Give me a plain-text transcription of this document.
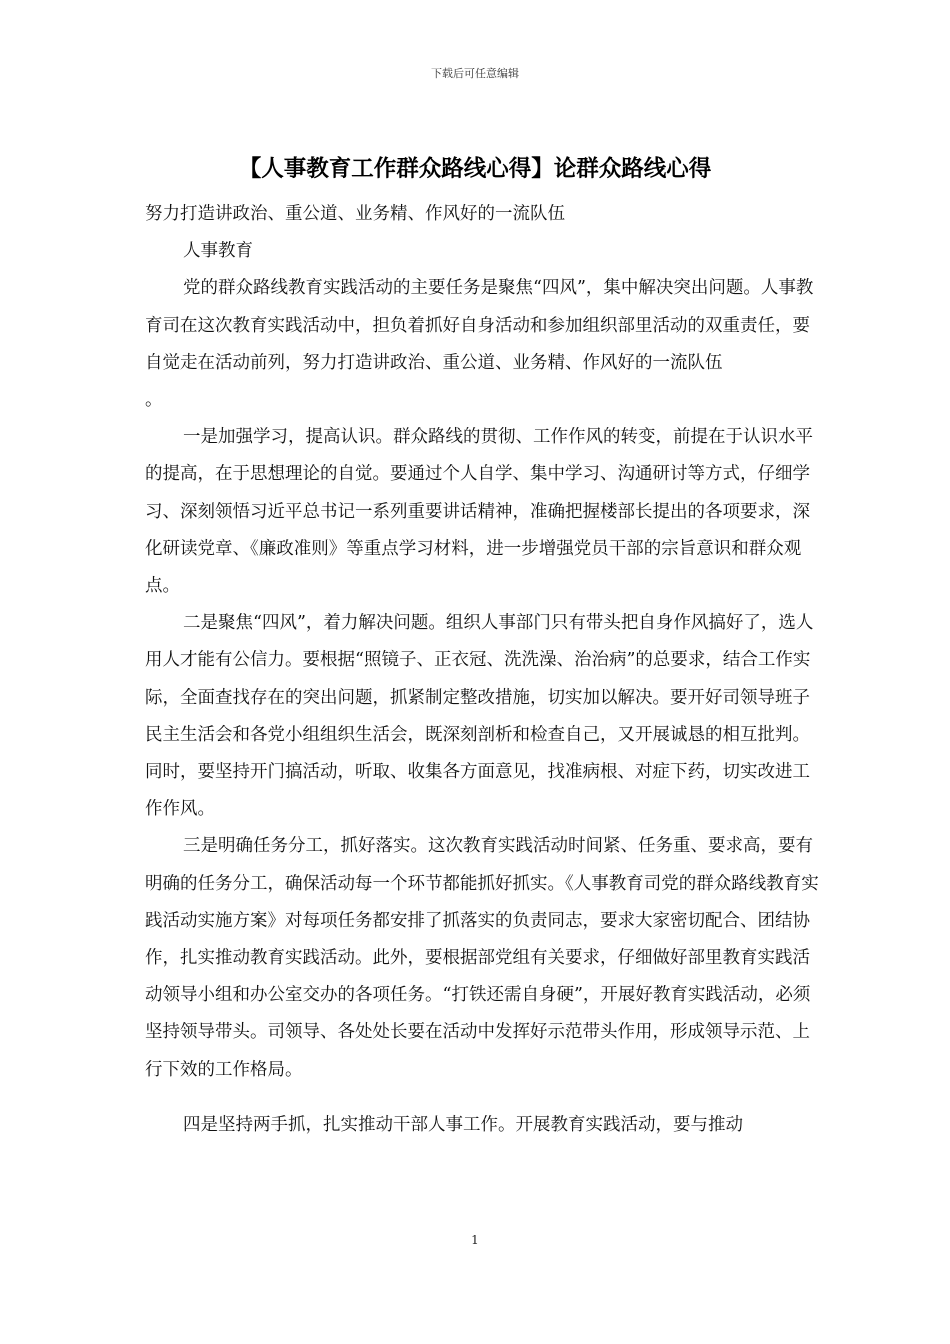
下载后可任意编辑
【人事教育工作群众路线心得】论群众路线心得

努力打造讲政治、重公道、业务精、作风好的一流队伍

人事教育

党的群众路线教育实践活动的主要任务是聚焦“四风”，集中解决突出问题。人事教育司在这次教育实践活动中，担负着抓好自身活动和参加组织部里活动的双重责任，要自觉走在活动前列，努力打造讲政治、重公道、业务精、作风好的一流队伍

。

一是加强学习，提高认识。群众路线的贯彻、工作作风的转变，前提在于认识水平的提高，在于思想理论的自觉。要通过个人自学、集中学习、沟通研讨等方式，仔细学习、深刻领悟习近平总书记一系列重要讲话精神，准确把握楼部长提出的各项要求，深化研读党章、《廉政准则》等重点学习材料，进一步增强党员干部的宗旨意识和群众观点。

二是聚焦“四风”，着力解决问题。组织人事部门只有带头把自身作风搞好了，选人用人才能有公信力。要根据“照镜子、正衣冠、洗洗澡、治治病”的总要求，结合工作实际，全面查找存在的突出问题，抓紧制定整改措施，切实加以解决。要开好司领导班子民主生活会和各党小组组织生活会，既深刻剖析和检查自己，又开展诚恳的相互批判。同时，要坚持开门搞活动，听取、收集各方面意见，找准病根、对症下药，切实改进工作作风。

三是明确任务分工，抓好落实。这次教育实践活动时间紧、任务重、要求高，要有明确的任务分工，确保活动每一个环节都能抓好抓实。《人事教育司党的群众路线教育实践活动实施方案》对每项任务都安排了抓落实的负责同志，要求大家密切配合、团结协作，扎实推动教育实践活动。此外，要根据部党组有关要求，仔细做好部里教育实践活动领导小组和办公室交办的各项任务。“打铁还需自身硬”，开展好教育实践活动，必须坚持领导带头。司领导、各处处长要在活动中发挥好示范带头作用，形成领导示范、上行下效的工作格局。

四是坚持两手抓，扎实推动干部人事工作。开展教育实践活动，要与推动

1
